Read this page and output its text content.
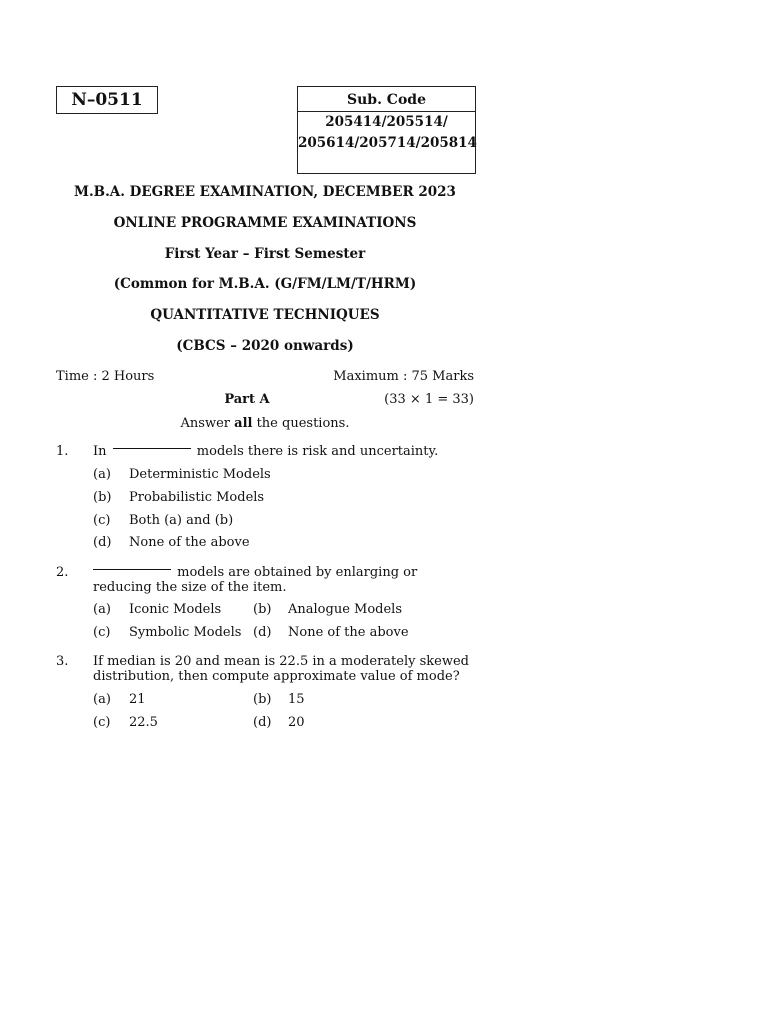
N–0511	Sub. Code
205414/205514/
205614/205714/205814
M.B.A. DEGREE EXAMINATION, DECEMBER 2023
ONLINE PROGRAMME EXAMINATIONS
First Year – First Semester
(Common for M.B.A. (G/FM/LM/T/HRM)
QUANTITATIVE TECHNIQUES
(CBCS – 2020 onwards)
Time : 2 Hours	Maximum : 75 Marks
Part A	(33 × 1 = 33)
Answer all the questions.
1. In	models there is risk and uncertainty.
(a) Deterministic Models
(b) Probabilistic Models
(c) Both (a) and (b)
(d) None of the above
2.	models are obtained by enlarging or reducing the size of the item.
(a) Iconic Models (b) Analogue Models
(c) Symbolic Models (d) None of the above
3. If median is 20 and mean is 22.5 in a moderately skewed distribution, then compute approximate value of mode?
(a) 21	(b) 15
(c) 22.5	(d) 20
